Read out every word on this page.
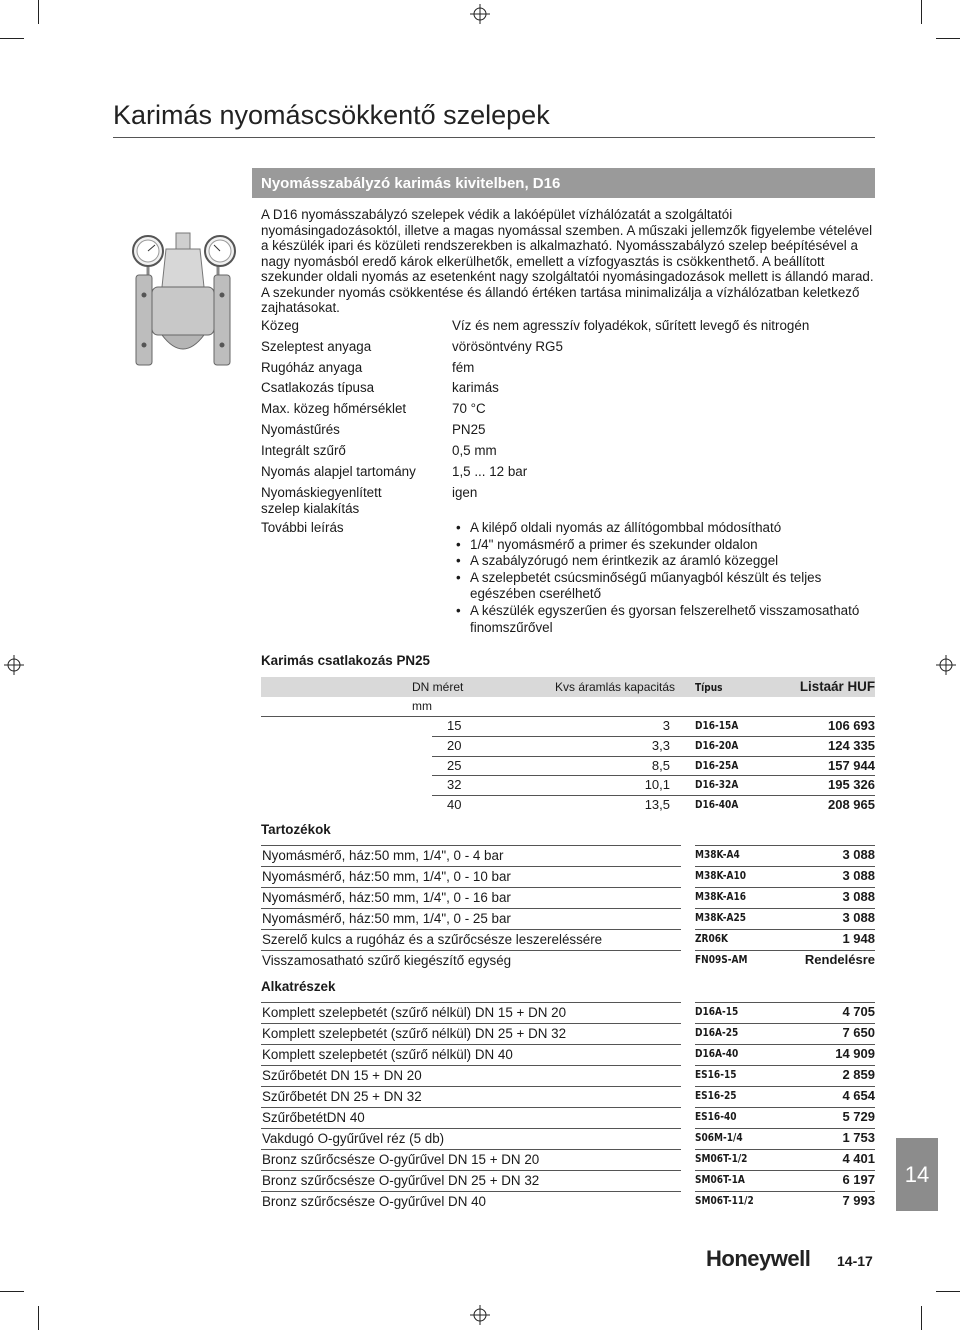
Karimás nyomáscsökkentő szelepek
Nyomásszabályzó karimás kivitelben, D16
A D16 nyomásszabályzó szelepek védik a lakóépület vízhálózatát a szolgáltatói nyomásingadozásoktól, illetve a magas nyomással szemben. A műszaki jellemzők figyelembe vételével a készülék ipari és közületi rendszerekben is alkalmazható. Nyomásszabályzó szelep beépítésével a nagy nyomásból eredő károk elkerülhetők, emellett a vízfogyasztás is csökkenthető. A beállított szekunder oldali nyomás az esetenként nagy szolgáltatói nyomásingadozások mellett is állandó marad. A szekunder nyomás csökkentése és állandó értéken tartása minimalizálja a vízhálózatban keletkező zajhatásokat.
Közeg	Víz és nem agresszív folyadékok, sűrített levegő és nitrogén
Szeleptest anyaga	vörösöntvény RG5
Rugóház anyaga	fém
Csatlakozás típusa	karimás
Max. közeg hőmérséklet	70 °C
Nyomástűrés	PN25
Integrált szűrő	0,5 mm
Nyomás alapjel tartomány	1,5 ... 12 bar
Nyomáskiegyenlített szelep kialakítás
igen
További leírás
•	A kilépő oldali nyomás az állítógombbal módosítható
• 1/4" nyomásmérő a primer és szekunder oldalon
• A szabályzórugó nem érintkezik az áramló közeggel
• A szelepbetét csúcsminőségű műanyagból készült és teljes egészében cserélhető
• A készülék egyszerűen és gyorsan felszerelhető visszamosatható finomszűrővel
Karimás csatlakozás PN25
DN méret	Kvs áramlás kapacitás Típus	Listaár HUF
mm
15	3 D16-15A	106 693
20	3,3 D16-20A	124 335
25	8,5 D16-25A	157 944
32	10,1 D16-32A	195 326
40	13,5 D16-40A	208 965
Tartozékok
Nyomásmérő, ház:50 mm, 1/4", 0 - 4 bar	M38K-A4	3 088
Nyomásmérő, ház:50 mm, 1/4", 0 - 10 bar	M38K-A10	3 088
Nyomásmérő, ház:50 mm, 1/4", 0 - 16 bar	M38K-A16	3 088
Nyomásmérő, ház:50 mm, 1/4", 0 - 25 bar	M38K-A25	3 088
Szerelő kulcs a rugóház és a szűrőcsésze leszereléssére	ZR06K	1 948
Visszamosatható szűrő kiegészítő egység	FN09S-AM	Rendelésre
Alkatrészek
Komplett szelepbetét (szűrő nélkül) DN 15 + DN 20	D16A-15	4 705
Komplett szelepbetét (szűrő nélkül) DN 25 + DN 32	D16A-25	7 650
Komplett szelepbetét (szűrő nélkül) DN 40	D16A-40	14 909
Szűrőbetét DN 15 + DN 20	ES16-15	2 859
Szűrőbetét DN 25 + DN 32	ES16-25	4 654
SzűrőbetétDN 40	ES16-40	5 729
Vakdugó O-gyűrűvel réz (5 db)	S06M-1/4	1 753
Bronz szűrőcsésze O-gyűrűvel DN 15 + DN 20	SM06T-1/2	4 401
Bronz szűrőcsésze O-gyűrűvel DN 25 + DN 32	SM06T-1A	6 197
Bronz szűrőcsésze O-gyűrűvel DN 40	SM06T-11/2	7 993
14
Honeywell 14-17
